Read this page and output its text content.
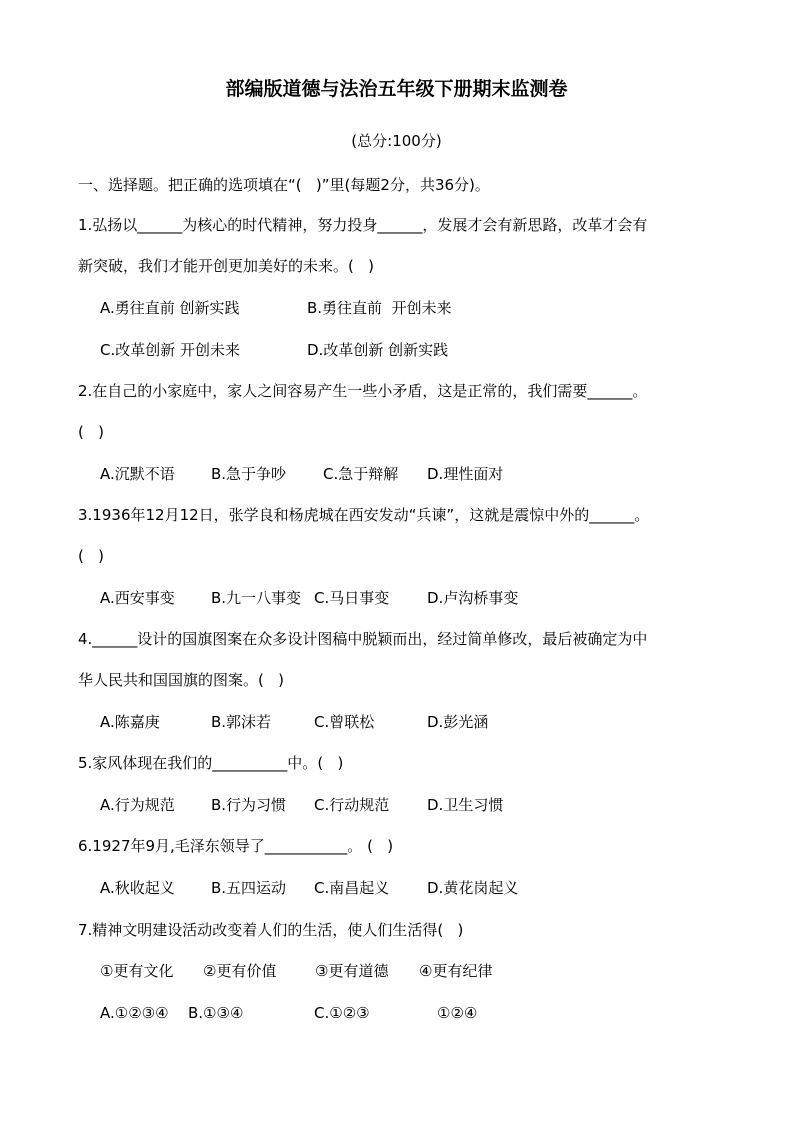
部编版道德与法治五年级下册期末监测卷
(总分:100分)
一、选择题。把正确的选项填在“(   )”里(每题2分，共36分)。
1.弘扬以______为核心的时代精神，努力投身______，发展才会有新思路，改革才会有
新突破，我们才能开创更加美好的未来。(   )
A.勇往直前 创新实践	B.勇往直前  开创未来
C.改革创新 开创未来	D.改革创新 创新实践
2.在自己的小家庭中，家人之间容易产生一些小矛盾，这是正常的，我们需要______。
(   )
A.沉默不语 B.急于争吵 C.急于辩解 D.理性面对
3.1936年12月12日，张学良和杨虎城在西安发动“兵谏”，这就是震惊中外的______。
(   )
A.西安事变 B.九一八事变 C.马日事变	D.卢沟桥事变
4.______设计的国旗图案在众多设计图稿中脱颖而出，经过简单修改，最后被确定为中
华人民共和国国旗的图案。(   )
A.陈嘉庚	B.郭沫若	C.曾联松	D.彭光涵
5.家风体现在我们的__________中。(   )
A.行为规范 B.行为习惯 C.行动规范	D.卫生习惯
6.1927年9月,毛泽东领导了___________。 (   )
A.秋收起义 B.五四运动 C.南昌起义	D.黄花岗起义
7.精神文明建设活动改变着人们的生活，使人们生活得(   )
①更有文化 ②更有价值	③更有道德 ④更有纪律
A.①②③④ B.①③④	C.①②③	①②④
